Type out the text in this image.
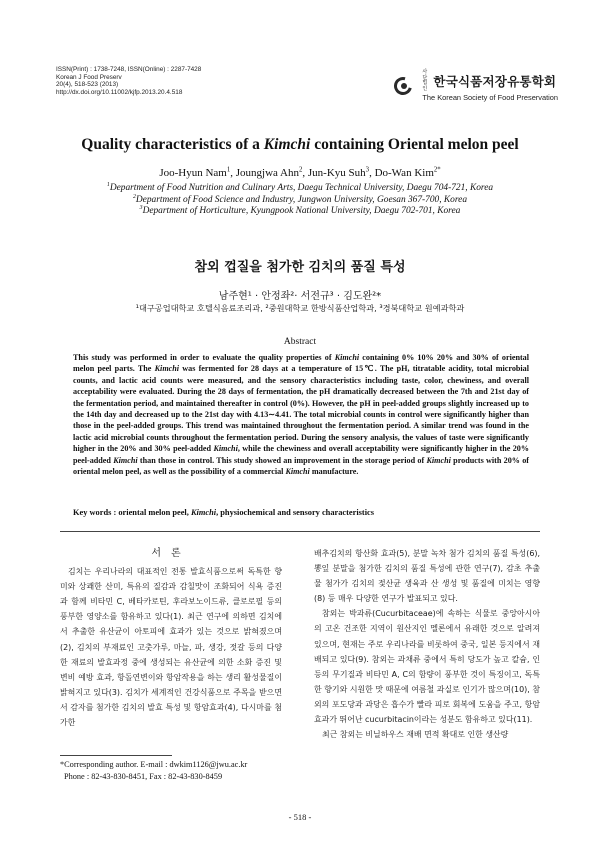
ISSN(Print) : 1738-7248, ISSN(Online) : 2287-7428
Korean J Food Preserv
20(4), 518-523 (2013)
http://dx.doi.org/10.11002/kjfp.2013.20.4.518
사단법인 한국식품저장유통학회
The Korean Society of Food Preservation
Quality characteristics of a Kimchi containing Oriental melon peel
Joo-Hyun Nam$^1$, Joungjwa Ahn$^2$, Jun-Kyu Suh$^3$, Do-Wan Kim$^{2*}$
$^1$Department of Food Nutrition and Culinary Arts, Daegu Technical University, Daegu 704-721, Korea
$^2$Department of Food Science and Industry, Jungwon University, Goesan 367-700, Korea
$^3$Department of Horticulture, Kyungpook National University, Daegu 702-701, Korea
참외 껍질을 첨가한 김치의 품질 특성
남주현¹ · 안정좌²· 서전규³ · 김도완²*
¹대구공업대학교 호텔식음료조리과, ²중원대학교 한방식품산업학과, ³경북대학교 원예과학과
Abstract
This study was performed in order to evaluate the quality properties of Kimchi containing 0% 10% 20% and 30% of oriental melon peel parts. The Kimchi was fermented for 28 days at a temperature of 15℃. The pH, titratable acidity, total microbial counts, and lactic acid counts were measured, and the sensory characteristics including taste, color, chewiness, and overall acceptability were evaluated. During the 28 days of fermentation, the pH dramatically decreased between the 7th and 21st day of the fermentation period, and maintained thereafter in control (0%). However, the pH in peel-added groups slightly increased up to the 14th day and decreased up to the 21st day with 4.13∼4.41. The total microbial counts in control were significantly higher than those in the peel-added groups. This trend was maintained throughout the fermentation period. A similar trend was found in the lactic acid microbial counts throughout the fermentation period. During the sensory analysis, the values of taste were significantly higher in the 20% and 30% peel-added Kimchi, while the chewiness and overall acceptability were significantly higher in the 20% peel-added Kimchi than those in control. This study showed an improvement in the storage period of Kimchi products with 20% of oriental melon peel, as well as the possibility of a commercial Kimchi manufacture.
Key words : oriental melon peel, Kimchi, physiochemical and sensory characteristics
서론

김치는 우리나라의 대표적인 전통 발효식품으로써 독특한 향미와 상쾌한 산미, 특유의 질감과 감칠맛이 조화되어 식욕 증진과 함께 비타민 C, 베타카로틴, 후라보노이드류, 클로로필 등의 풍부한 영양소를 함유하고 있다(1). 최근 연구에 의하면 김치에서 추출한 유산균이 아토피에 효과가 있는 것으로 밝혀졌으며(2), 김치의 부재료인 고춧가루, 마늘, 파, 생강, 젓갈 등의 다양한 재료의 발효과정 중에 생성되는 유산균에 의한 소화 증진 및 변비 예방 효과, 항돌연변이와 항암작용을 하는 생리 활성물질이 밝혀지고 있다(3). 김치가 세계적인 건강식품으로 주목을 받으면서 감자를 첨가한 김치의 발효 특성 및 항암효과(4), 다시마를 첨가한

배추김치의 항산화 효과(5), 분말 녹차 첨가 김치의 품질 특성(6), 뽕잎 분말을 첨가한 김치의 품질 특성에 관한 연구(7), 감초 추출물 첨가가 김치의 젖산균 생육과 산 생성 및 품질에 미치는 영향(8) 등 매우 다양한 연구가 발표되고 있다.

참외는 박과류(Cucurbitaceae)에 속하는 식물로 중앙아시아의 고온 건조한 지역이 원산지인 멜론에서 유래한 것으로 알려져 있으며, 현재는 주로 우리나라를 비롯하여 중국, 일본 등지에서 재배되고 있다(9). 참외는 과채류 중에서 특히 당도가 높고 칼슘, 인 등의 무기질과 비타민 A, C의 함량이 풍부한 것이 특징이고, 독특한 향기와 시원한 맛 때문에 여름철 과실로 인기가 많으며(10), 참외의 포도당과 과당은 흡수가 빨라 피로 회복에 도움을 주고, 항암효과가 뛰어난 cucurbitacin이라는 성분도 함유하고 있다(11).

최근 참외는 비닐하우스 재배 면적 확대로 인한 생산량

*Corresponding author. E-mail : dwkim1126@jwu.ac.kr
Phone : 82-43-830-8451, Fax : 82-43-830-8459
- 518 -
